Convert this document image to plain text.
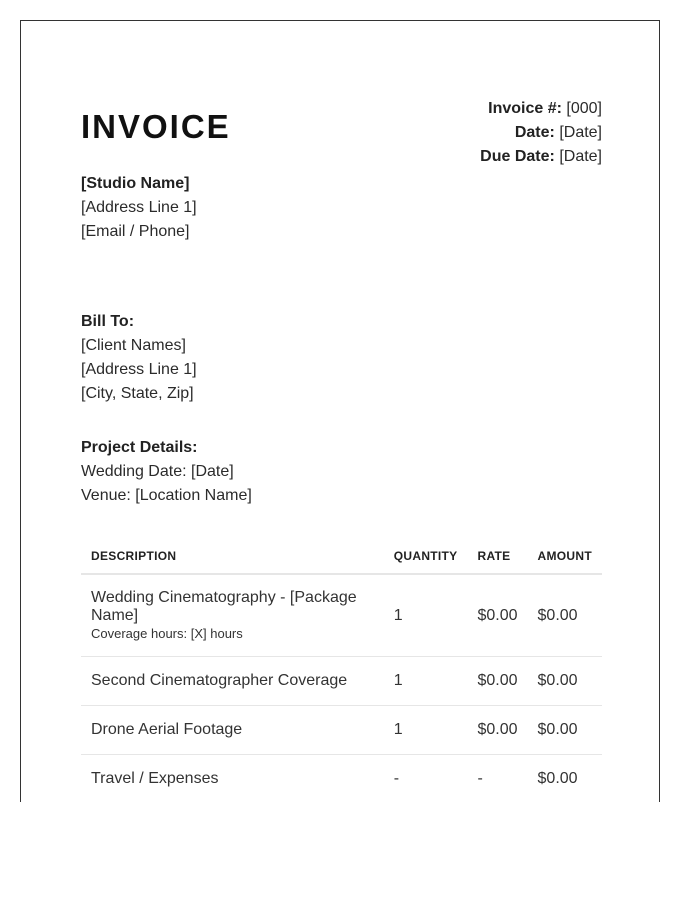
INVOICE	Invoice #: [000]
Date: [Date]
Due Date: [Date]
[Studio Name]
[Address Line 1]
[Email / Phone]
Bill To:
[Client Names]
[Address Line 1]
[City, State, Zip]
Project Details:
Wedding Date: [Date]
Venue: [Location Name]
DESCRIPTION	QUANTITY	RATE	AMOUNT
Wedding Cinematography - [Package Name]
Coverage hours: [X] hours	1	$0.00	$0.00
Second Cinematographer Coverage	1	$0.00	$0.00
Drone Aerial Footage	1	$0.00	$0.00
Travel / Expenses	-	-	$0.00
